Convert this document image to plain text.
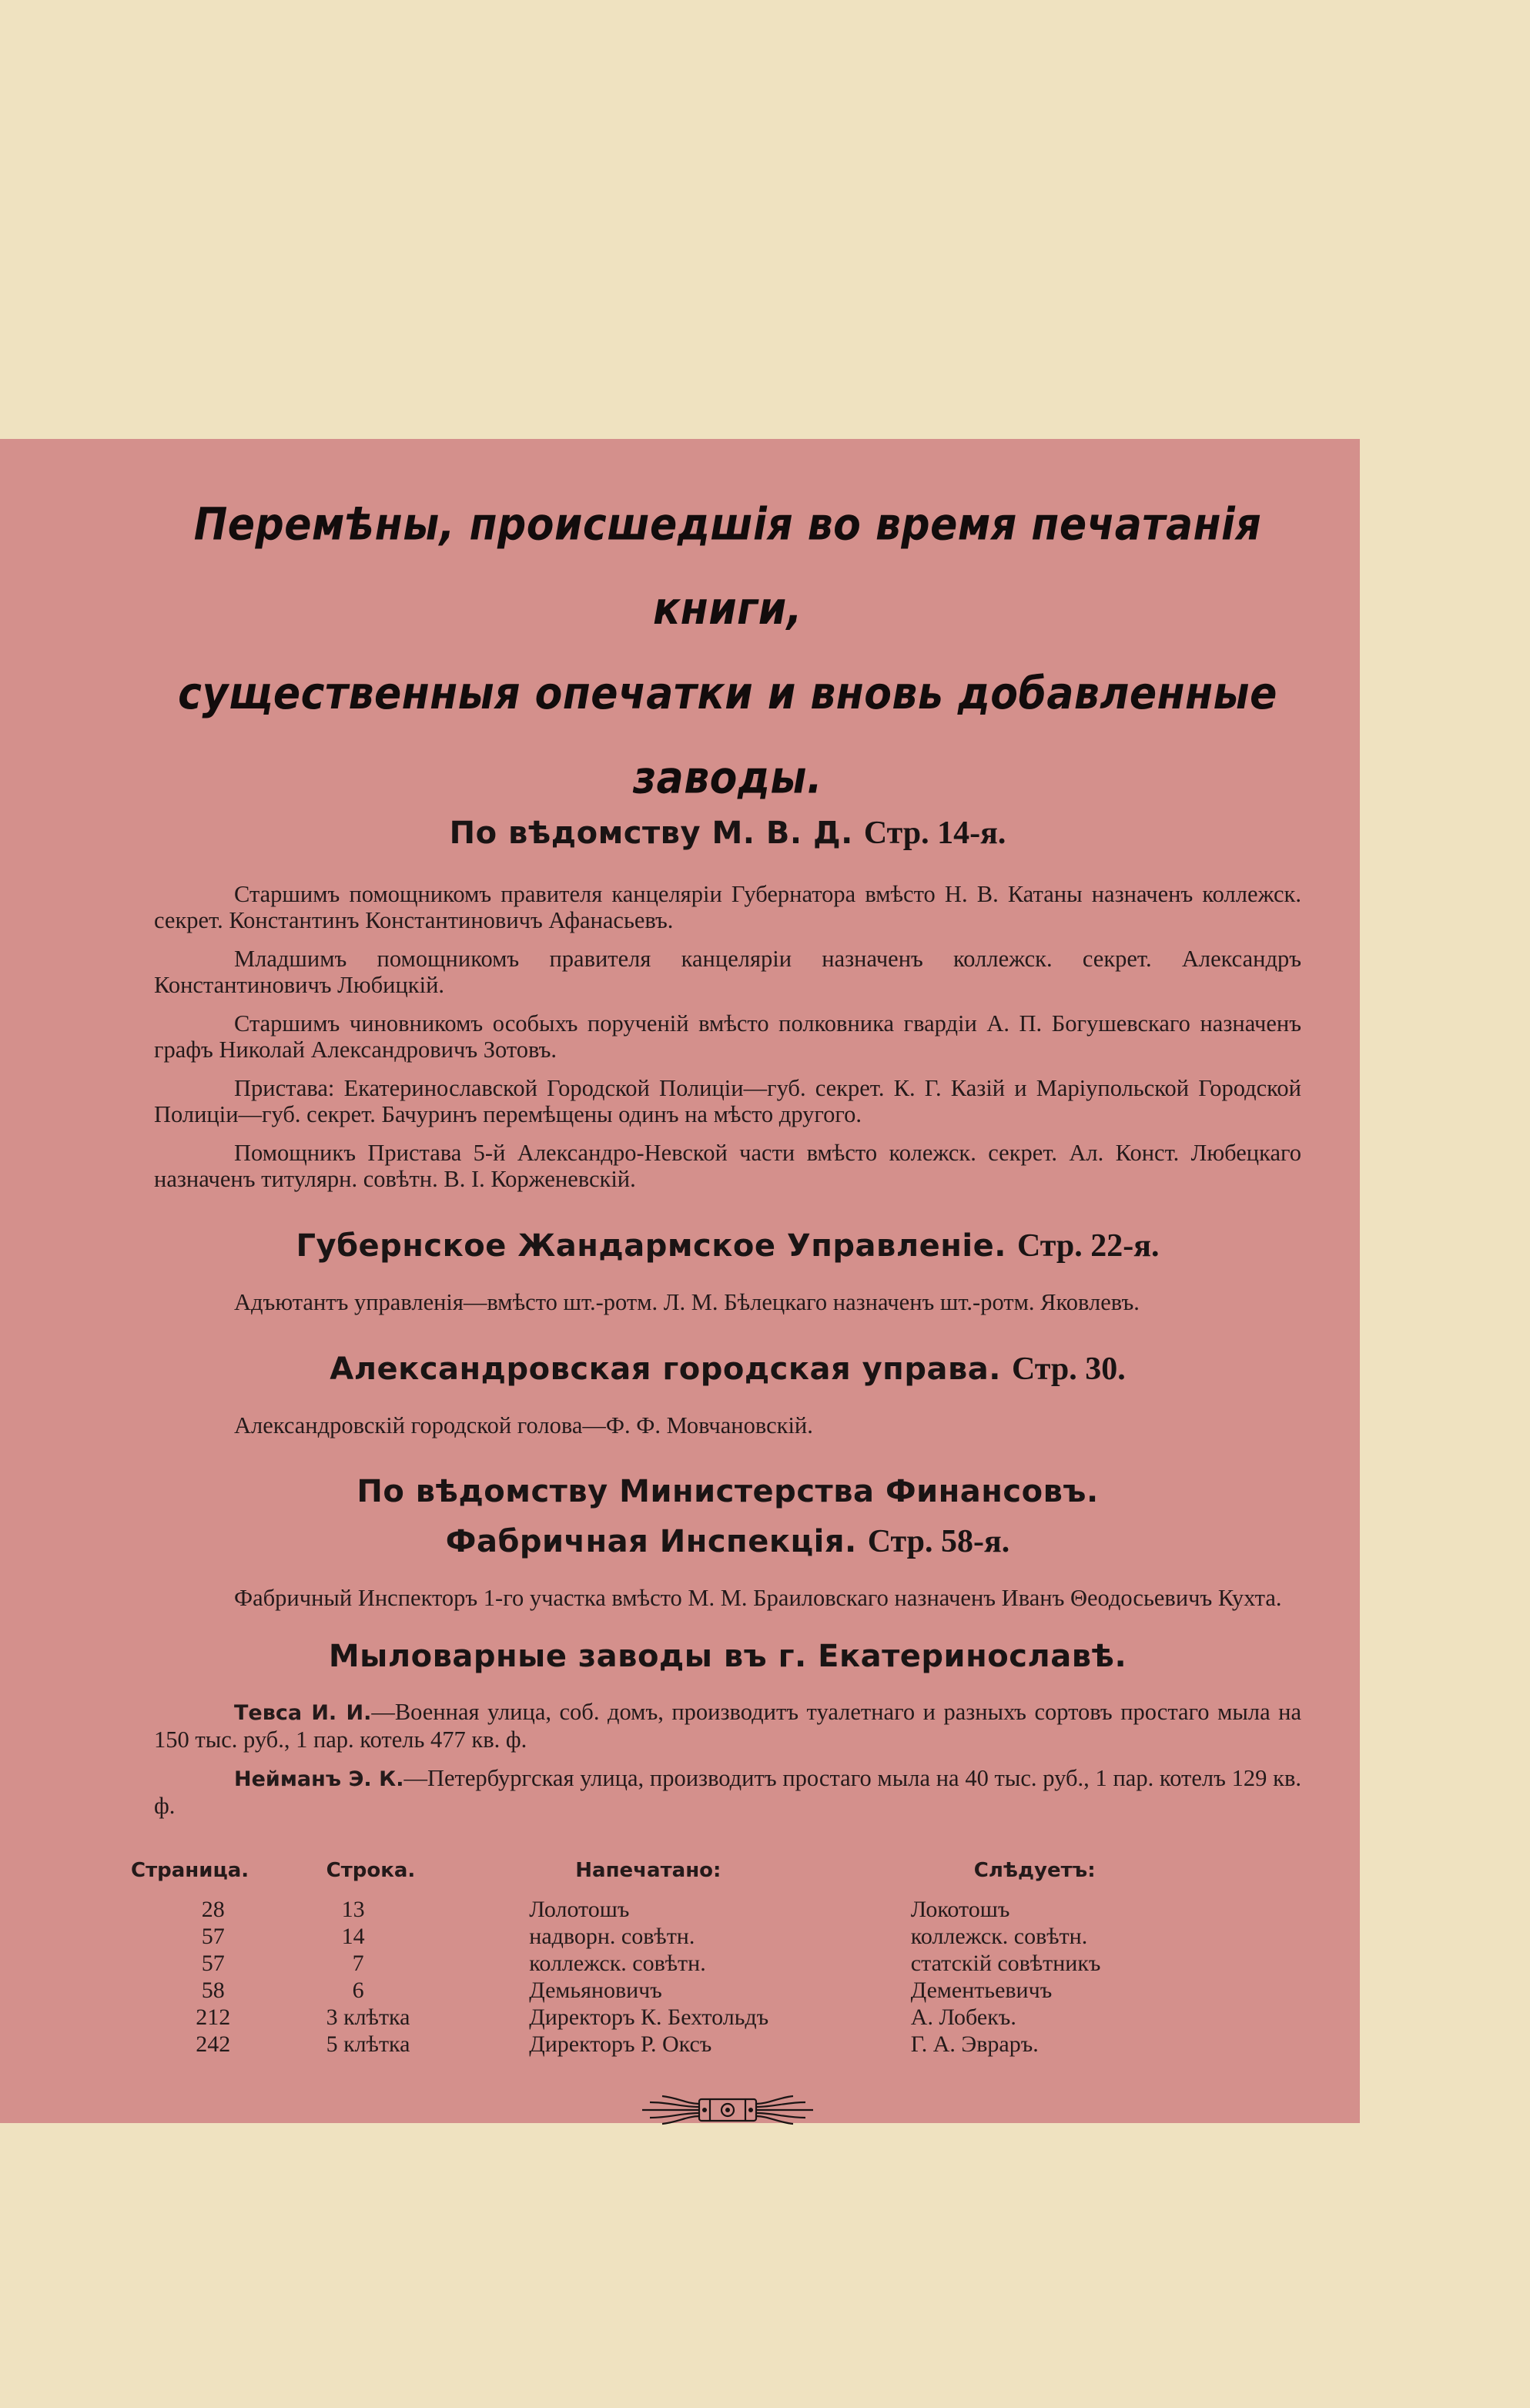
Перемѣны, происшедшія во время печатанія книги,
существенныя опечатки и вновь добавленные заводы.
По вѣдомству М. В. Д. Стр. 14-я.

Старшимъ помощникомъ правителя канцеляріи Губернатора вмѣсто Н. В. Катаны назначенъ коллежск. секрет. Константинъ Константиновичъ Афанасьевъ.

Младшимъ помощникомъ правителя канцеляріи назначенъ коллежск. секрет. Александръ Константиновичъ Любицкій.

Старшимъ чиновникомъ особыхъ порученій вмѣсто полковника гвардіи А. П. Богушевскаго назначенъ графъ Николай Александровичъ Зотовъ.

Пристава: Екатеринославской Городской Полиціи—губ. секрет. К. Г. Казій и Маріупольской Городской Полиціи—губ. секрет. Бачуринъ перемѣщены одинъ на мѣсто другого.

Помощникъ Пристава 5-й Александро-Невской части вмѣсто колежск. секрет. Ал. Конст. Любецкаго назначенъ титулярн. совѣтн. В. І. Корженевскій.

Губернское Жандармское Управленіе. Стр. 22-я.

Адъютантъ управленія—вмѣсто шт.-ротм. Л. М. Бѣлецкаго назначенъ шт.-ротм. Яковлевъ.

Александровская городская управа. Стр. 30.

Александровскій городской голова—Ф. Ф. Мовчановскій.

По вѣдомству Министерства Финансовъ.
Фабричная Инспекція. Стр. 58-я.

Фабричный Инспекторъ 1-го участка вмѣсто М. М. Браиловскаго назначенъ Иванъ Θеодосьевичъ Кухта.

Мыловарные заводы въ г. Екатеринославѣ.

Тевса И. И.—Военная улица, соб. домъ, производитъ туалетнаго и разныхъ сортовъ простаго мыла на 150 тыс. руб., 1 пар. котель 477 кв. ф.

Нейманъ Э. К.—Петербургская улица, производитъ простаго мыла на 40 тыс. руб., 1 пар. котелъ 129 кв. ф.

Страница.	Строка.	Напечатано:	Слѣдуетъ:
28	13	Лолотошъ	Локотошъ
57	14	надворн. совѣтн.	коллежск. совѣтн.
57	7	коллежск. совѣтн.	статскій совѣтникъ
58	6	Демьяновичъ	Дементьевичъ
212	3 клѣтка	Директоръ К. Бехтольдъ	А. Лобекъ.
242	5 клѣтка	Директоръ Р. Оксъ	Г. А. Эвраръ.
